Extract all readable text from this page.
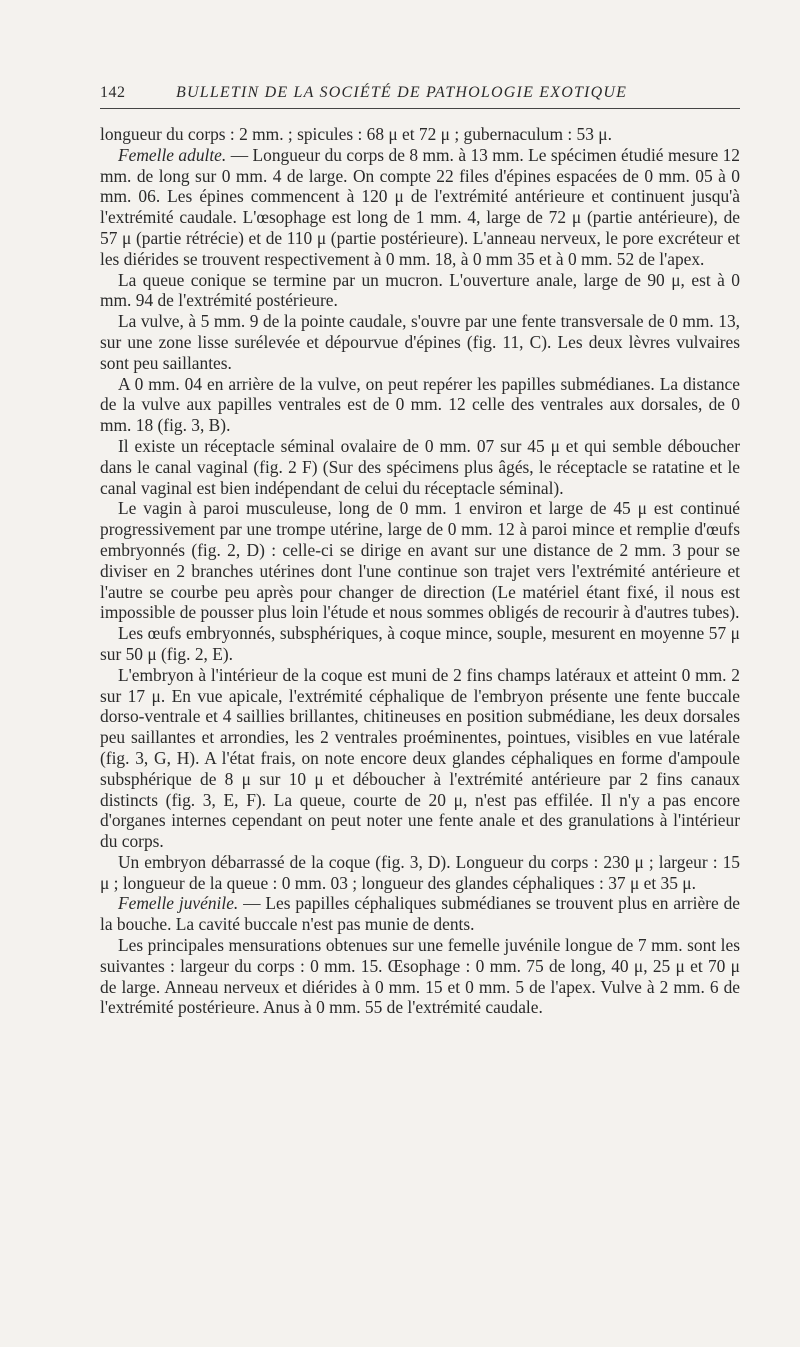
142	BULLETIN DE LA SOCIÉTÉ DE PATHOLOGIE EXOTIQUE

longueur du corps : 2 mm. ; spicules : 68 μ et 72 μ ; gubernaculum : 53 μ.

Femelle adulte. — Longueur du corps de 8 mm. à 13 mm. Le spécimen étudié mesure 12 mm. de long sur 0 mm. 4 de large. On compte 22 files d'épines espacées de 0 mm. 05 à 0 mm. 06. Les épines commencent à 120 μ de l'extrémité antérieure et continuent jusqu'à l'extrémité caudale. L'œsophage est long de 1 mm. 4, large de 72 μ (partie antérieure), de 57 μ (partie rétrécie) et de 110 μ (partie postérieure). L'anneau nerveux, le pore excréteur et les diérides se trouvent respectivement à 0 mm. 18, à 0 mm 35 et à 0 mm. 52 de l'apex.

La queue conique se termine par un mucron. L'ouverture anale, large de 90 μ, est à 0 mm. 94 de l'extrémité postérieure.

La vulve, à 5 mm. 9 de la pointe caudale, s'ouvre par une fente transversale de 0 mm. 13, sur une zone lisse surélevée et dépourvue d'épines (fig. 11, C). Les deux lèvres vulvaires sont peu saillantes.

A 0 mm. 04 en arrière de la vulve, on peut repérer les papilles submédianes. La distance de la vulve aux papilles ventrales est de 0 mm. 12 celle des ventrales aux dorsales, de 0 mm. 18 (fig. 3, B).

Il existe un réceptacle séminal ovalaire de 0 mm. 07 sur 45 μ et qui semble déboucher dans le canal vaginal (fig. 2 F) (Sur des spécimens plus âgés, le réceptacle se ratatine et le canal vaginal est bien indépendant de celui du réceptacle séminal).

Le vagin à paroi musculeuse, long de 0 mm. 1 environ et large de 45 μ est continué progressivement par une trompe utérine, large de 0 mm. 12 à paroi mince et remplie d'œufs embryonnés (fig. 2, D) : celle-ci se dirige en avant sur une distance de 2 mm. 3 pour se diviser en 2 branches utérines dont l'une continue son trajet vers l'extrémité antérieure et l'autre se courbe peu après pour changer de direction (Le matériel étant fixé, il nous est impossible de pousser plus loin l'étude et nous sommes obligés de recourir à d'autres tubes).

Les œufs embryonnés, subsphériques, à coque mince, souple, mesurent en moyenne 57 μ sur 50 μ (fig. 2, E).

L'embryon à l'intérieur de la coque est muni de 2 fins champs latéraux et atteint 0 mm. 2 sur 17 μ. En vue apicale, l'extrémité céphalique de l'embryon présente une fente buccale dorso-ventrale et 4 saillies brillantes, chitineuses en position submédiane, les deux dorsales peu saillantes et arrondies, les 2 ventrales proéminentes, pointues, visibles en vue latérale (fig. 3, G, H). A l'état frais, on note encore deux glandes céphaliques en forme d'ampoule subsphérique de 8 μ sur 10 μ et déboucher à l'extrémité antérieure par 2 fins canaux distincts (fig. 3, E, F). La queue, courte de 20 μ, n'est pas effilée. Il n'y a pas encore d'organes internes cependant on peut noter une fente anale et des granulations à l'intérieur du corps.

Un embryon débarrassé de la coque (fig. 3, D). Longueur du corps : 230 μ ; largeur : 15 μ ; longueur de la queue : 0 mm. 03 ; longueur des glandes céphaliques : 37 μ et 35 μ.

Femelle juvénile. — Les papilles céphaliques submédianes se trouvent plus en arrière de la bouche. La cavité buccale n'est pas munie de dents.

Les principales mensurations obtenues sur une femelle juvénile longue de 7 mm. sont les suivantes : largeur du corps : 0 mm. 15. Œsophage : 0 mm. 75 de long, 40 μ, 25 μ et 70 μ de large. Anneau nerveux et diérides à 0 mm. 15 et 0 mm. 5 de l'apex. Vulve à 2 mm. 6 de l'extrémité postérieure. Anus à 0 mm. 55 de l'extrémité caudale.
